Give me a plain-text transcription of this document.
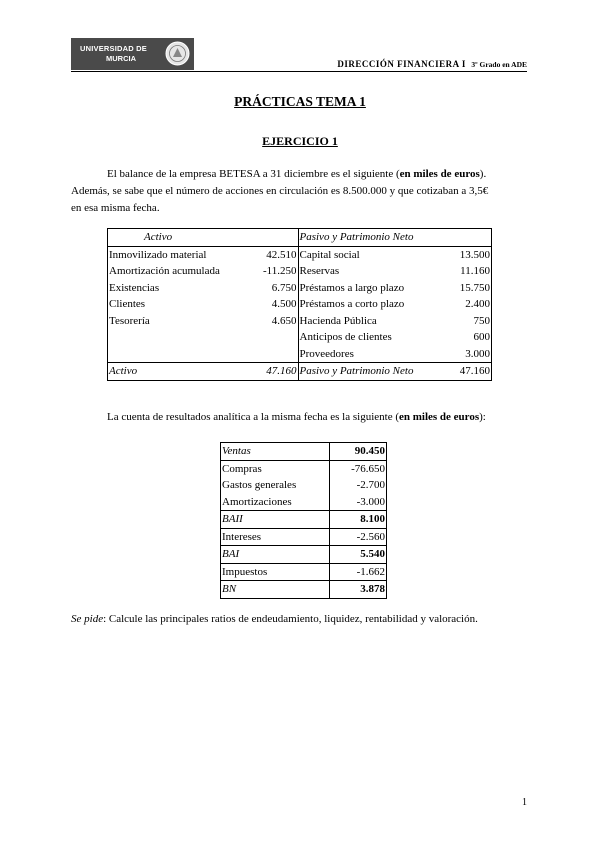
UNIVERSIDAD DE
MURCIA
DIRECCIÓN FINANCIERA I 3º Grado en ADE
PRÁCTICAS TEMA 1
EJERCICIO 1
El balance de la empresa BETESA a 31 diciembre es el siguiente (en miles de euros).
Además, se sabe que el número de acciones en circulación es 8.500.000 y que cotizaban a 3,5€
en esa misma fecha.
Activo		Pasivo y Patrimonio Neto	
Inmovilizado material	42.510	Capital social	13.500
Amortización acumulada	-11.250	Reservas	11.160
Existencias	6.750	Préstamos a largo plazo	15.750
Clientes	4.500	Préstamos a corto plazo	2.400
Tesorería	4.650	Hacienda Pública	750
		Anticipos de clientes	600
		Proveedores	3.000
Activo	47.160	Pasivo y Patrimonio Neto	47.160
La cuenta de resultados analítica a la misma fecha es la siguiente (en miles de euros):
Ventas	90.450
Compras	-76.650
Gastos generales	-2.700
Amortizaciones	-3.000
BAII	8.100
Intereses	-2.560
BAI	5.540
Impuestos	-1.662
BN	3.878
Se pide: Calcule las principales ratios de endeudamiento, liquidez, rentabilidad y valoración.
1
